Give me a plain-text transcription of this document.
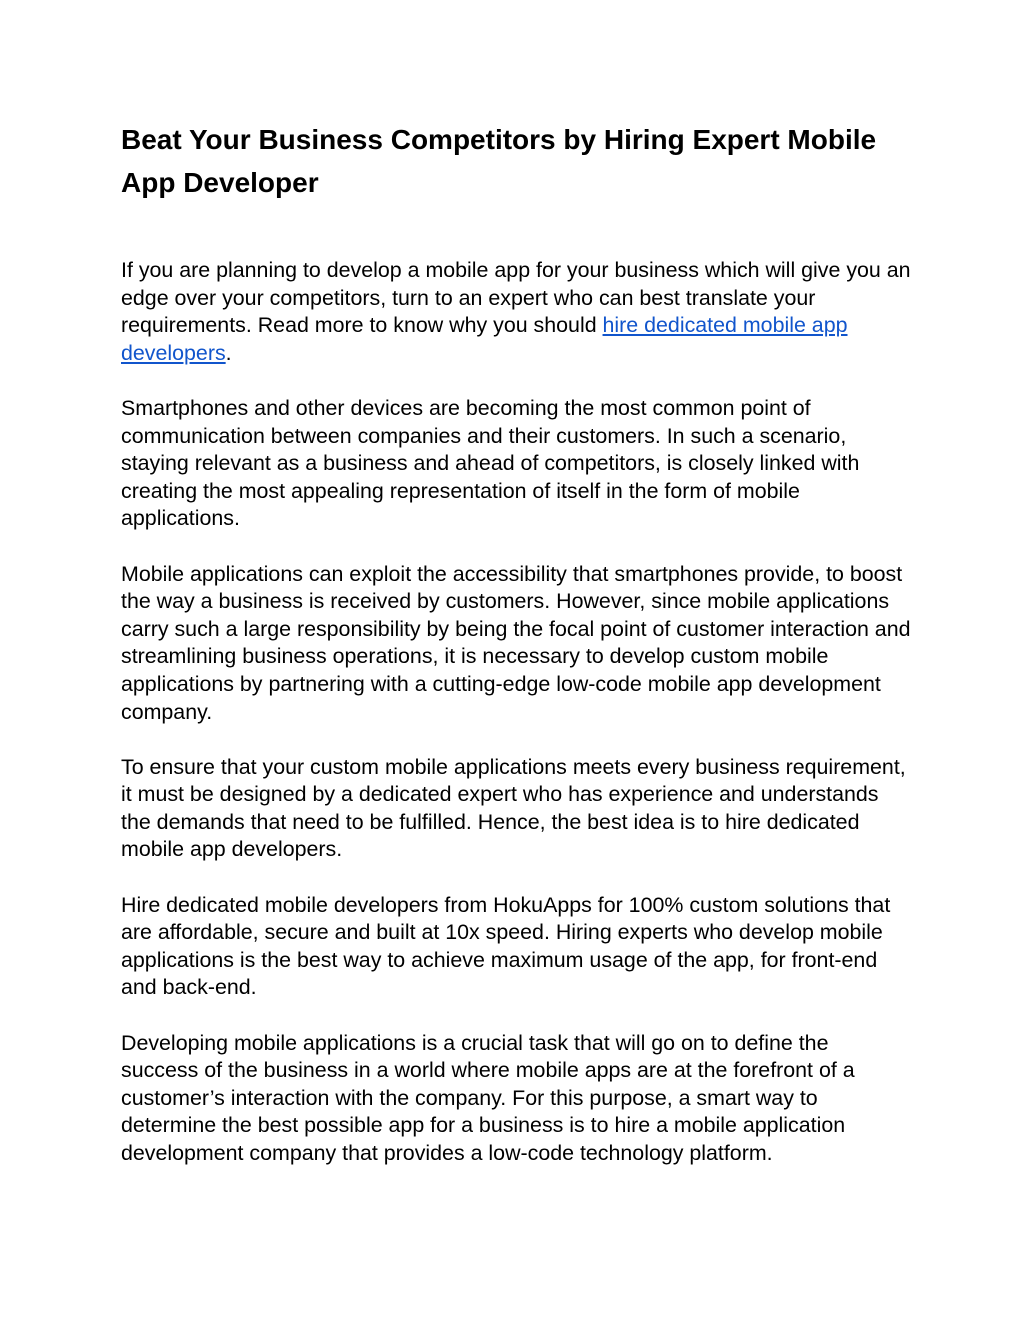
Beat Your Business Competitors by Hiring Expert Mobile App Developer

If you are planning to develop a mobile app for your business which will give you an edge over your competitors, turn to an expert who can best translate your requirements. Read more to know why you should hire dedicated mobile app developers.

Smartphones and other devices are becoming the most common point of communication between companies and their customers. In such a scenario, staying relevant as a business and ahead of competitors, is closely linked with creating the most appealing representation of itself in the form of mobile applications.

Mobile applications can exploit the accessibility that smartphones provide, to boost the way a business is received by customers. However, since mobile applications carry such a large responsibility by being the focal point of customer interaction and streamlining business operations, it is necessary to develop custom mobile applications by partnering with a cutting-edge low-code mobile app development company.

To ensure that your custom mobile applications meets every business requirement, it must be designed by a dedicated expert who has experience and understands the demands that need to be fulfilled. Hence, the best idea is to hire dedicated mobile app developers.

Hire dedicated mobile developers from HokuApps for 100% custom solutions that are affordable, secure and built at 10x speed. Hiring experts who develop mobile applications is the best way to achieve maximum usage of the app, for front-end and back-end.

Developing mobile applications is a crucial task that will go on to define the success of the business in a world where mobile apps are at the forefront of a customer’s interaction with the company. For this purpose, a smart way to determine the best possible app for a business is to hire a mobile application development company that provides a low-code technology platform.
